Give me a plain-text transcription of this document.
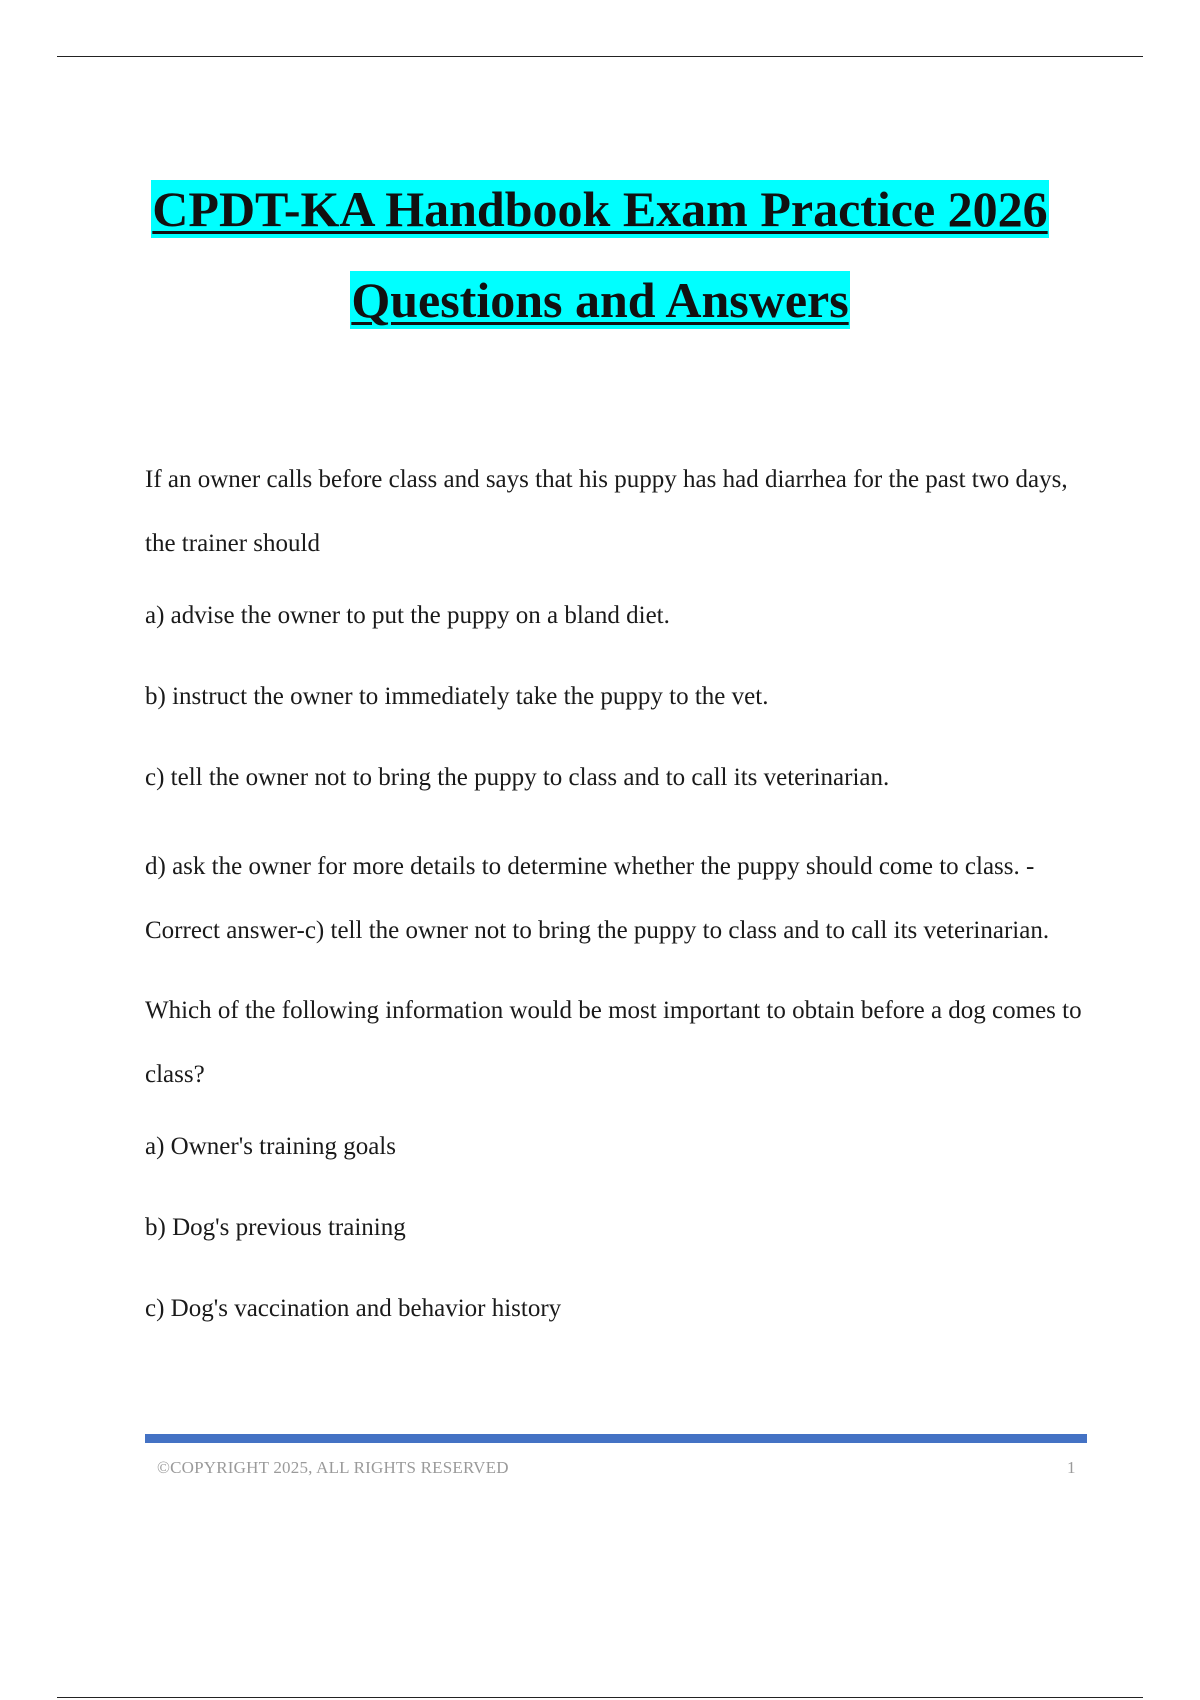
CPDT-KA Handbook Exam Practice 2026
Questions and Answers

If an owner calls before class and says that his puppy has had diarrhea for the past two days, the trainer should

a) advise the owner to put the puppy on a bland diet.

b) instruct the owner to immediately take the puppy to the vet.

c) tell the owner not to bring the puppy to class and to call its veterinarian.

d) ask the owner for more details to determine whether the puppy should come to class. - Correct answer-c) tell the owner not to bring the puppy to class and to call its veterinarian.

Which of the following information would be most important to obtain before a dog comes to class?

a) Owner's training goals

b) Dog's previous training

c) Dog's vaccination and behavior history

©COPYRIGHT 2025, ALL RIGHTS RESERVED	1
